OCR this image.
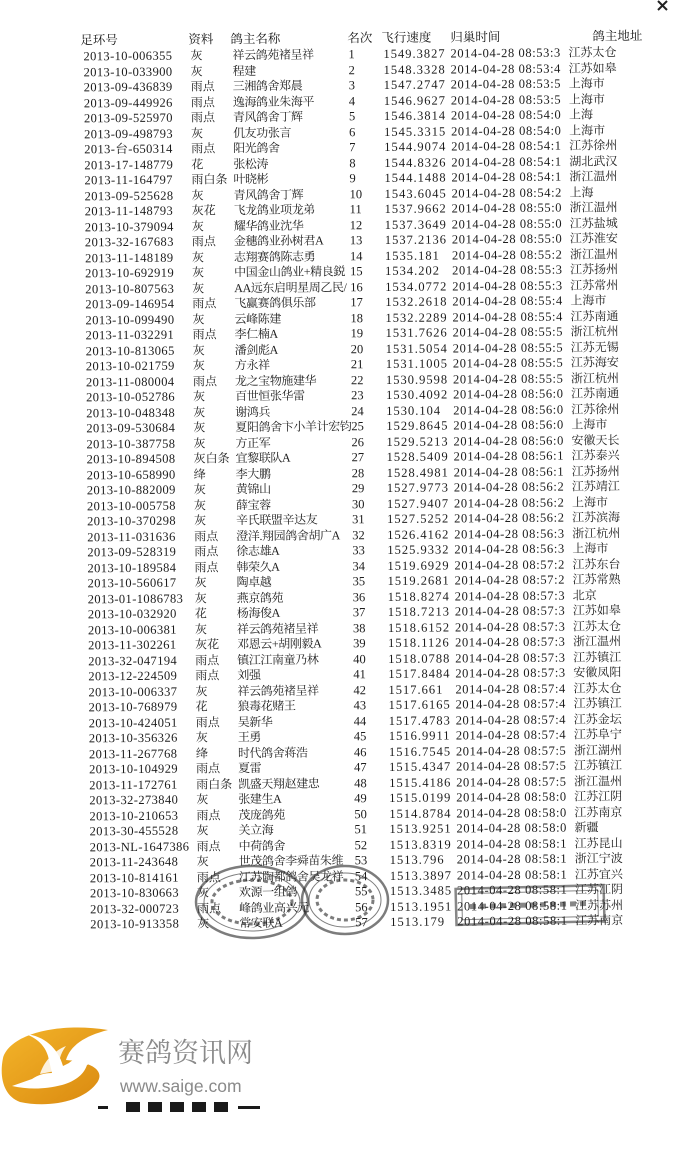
足环号	资料 鸽主名称	名次 飞行速度 归巢时间	鸽主地址
2013-10-006355 灰 祥云鸽苑褚呈祥	1 1549.3827 2014-04-28 08:53:3 江苏太仓
2013-10-033900 灰 程建	2 1548.3328 2014-04-28 08:53:4 江苏如皋
2013-09-436839 雨点 三湘鸽舍郑晨	3 1547.2747 2014-04-28 08:53:5 上海市
2013-09-449926 雨点 逸海鸽业朱海平	4 1546.9627 2014-04-28 08:53:5 上海市
2013-09-525970 雨点 青风鸽舍丁辉	5 1546.3814 2014-04-28 08:54:0 上海
2013-09-498793 灰 仉友功张言	6 1545.3315 2014-04-28 08:54:0 上海市
2013-台-650314 雨点 阳光鸽舍	7 1544.9074 2014-04-28 08:54:1 江苏徐州
2013-17-148779 花 张松涛	8 1544.8326 2014-04-28 08:54:1 湖北武汉
2013-11-164797 雨白条 叶晓彬	9 1544.1488 2014-04-28 08:54:1 浙江温州
2013-09-525628 灰 青风鸽舍丁辉	10 1543.6045 2014-04-28 08:54:2 上海
2013-11-148793 灰花 飞龙鸽业项龙弟	11 1537.9662 2014-04-28 08:55:0 浙江温州
2013-10-379094 灰 耀华鸽业沈华	12 1537.3649 2014-04-28 08:55:0 江苏盐城
2013-32-167683 雨点 金穗鸽业孙树君A 13 1537.2136 2014-04-28 08:55:0 江苏淮安
2013-11-148189 灰 志翔赛鸽陈志勇	14 1535.181 2014-04-28 08:55:2 浙江温州
2013-10-692919 灰 中国金山鸽业+精良鋭 15 1534.202 2014-04-28 08:55:3 江苏扬州
2013-10-807563 灰 AA远东启明星周乙民/ 16 1534.0772 2014-04-28 08:55:3 江苏常州
2013-09-146954 雨点 飞赢赛鸽俱乐部	17 1532.2618 2014-04-28 08:55:4 上海市
2013-10-099490 灰 云峰陈建	18 1532.2289 2014-04-28 08:55:4 江苏南通
2013-11-032291 雨点 李仁楠A	19 1531.7626 2014-04-28 08:55:5 浙江杭州
2013-10-813065 灰 潘剑彪A	20 1531.5054 2014-04-28 08:55:5 江苏无锡
2013-10-021759 灰 方永祥	21 1531.1005 2014-04-28 08:55:5 江苏海安
2013-11-080004 雨点 龙之宝物施建华	22 1530.9598 2014-04-28 08:55:5 浙江杭州
2013-10-052786 灰 百世恒张华雷	23 1530.4092 2014-04-28 08:56:0 江苏南通
2013-10-048348 灰 谢鸿兵	24 1530.104 2014-04-28 08:56:0 江苏徐州
2013-09-530684 灰 夏阳鸽舍卞小羊计宏钧 25 1529.8645 2014-04-28 08:56:0 上海市
2013-10-387758 灰 方正军	26 1529.5213 2014-04-28 08:56:0 安徽天长
2013-10-894508 灰白条 宜黎联队A	27 1528.5409 2014-04-28 08:56:1 江苏泰兴
2013-10-658990 绛 李大鹏	28 1528.4981 2014-04-28 08:56:1 江苏扬州
2013-10-882009 灰 黄锦山	29 1527.9773 2014-04-28 08:56:2 江苏靖江
2013-10-005758 灰 薛宝蓉	30 1527.9407 2014-04-28 08:56:2 上海市
2013-10-370298 灰 辛氏联盟辛达友	31 1527.5252 2014-04-28 08:56:2 江苏滨海
2013-11-031636 雨点 澄洋.翔园鸽舍胡广A 32 1526.4162 2014-04-28 08:56:3 浙江杭州
2013-09-528319 雨点 徐志雄A	33 1525.9332 2014-04-28 08:56:3 上海市
2013-10-189584 雨点 韩荣久A	34 1519.6929 2014-04-28 08:57:2 江苏东台
2013-10-560617 灰 陶卓越	35 1519.2681 2014-04-28 08:57:2 江苏常熟
2013-01-1086783 灰 燕京鸽苑	36 1518.8274 2014-04-28 08:57:3 北京
2013-10-032920 花 杨海俊A	37 1518.7213 2014-04-28 08:57:3 江苏如皋
2013-10-006381 灰 祥云鸽苑褚呈祥	38 1518.6152 2014-04-28 08:57:3 江苏太仓
2013-11-302261 灰花 邓恩云+胡刚毅A	39 1518.1126 2014-04-28 08:57:3 浙江温州
2013-32-047194 雨点 镇江江南童乃林	40 1518.0788 2014-04-28 08:57:3 江苏镇江
2013-12-224509 雨点 刘强	41 1517.8484 2014-04-28 08:57:3 安徽凤阳
2013-10-006337 灰 祥云鸽苑褚呈祥	42 1517.661 2014-04-28 08:57:4 江苏太仓
2013-10-768979 花 狼毒花赌王	43 1517.6165 2014-04-28 08:57:4 江苏镇江
2013-10-424051 雨点 吴新华	44 1517.4783 2014-04-28 08:57:4 江苏金坛
2013-10-356326 灰 王勇	45 1516.9911 2014-04-28 08:57:4 江苏阜宁
2013-11-267768 绛 时代鸽舍蒋浩	46 1516.7545 2014-04-28 08:57:5 浙江湖州
2013-10-104929 雨点 夏雷	47 1515.4347 2014-04-28 08:57:5 江苏镇江
2013-11-172761 雨白条 凯盛天翔赵建忠	48 1515.4186 2014-04-28 08:57:5 浙江温州
2013-32-273840 灰 张建生A	49 1515.0199 2014-04-28 08:58:0 江苏江阴
2013-10-210653 雨点 茂庞鸽苑	50 1514.8784 2014-04-28 08:58:0 江苏南京
2013-30-455528 灰 关立海	51 1513.9251 2014-04-28 08:58:0 新疆
2013-NL-1647386 雨点 中荷鸽舍	52 1513.8319 2014-04-28 08:58:1 江苏昆山
2013-11-243648 灰 世茂鸽舍李舜苗朱维 53 1513.796 2014-04-28 08:58:1 浙江宁波
2013-10-814161 雨点 江苏陶都鸽舍吴龙祥 54 1513.3897 2014-04-28 08:58:1 江苏宜兴
2013-10-830663 灰 欢源一组鸽	55 1513.3485 2014-04-28 08:58:1 江苏江阴
2013-32-000723 雨点 峰鸽业高兴元	56 1513.1951 2014-04-28 08:58:1 江苏苏州
2013-10-913358 灰 常安联A	57 1513.179 2014-04-28 08:58:1 江苏南京
赛鸽资讯网
www.saige.com
